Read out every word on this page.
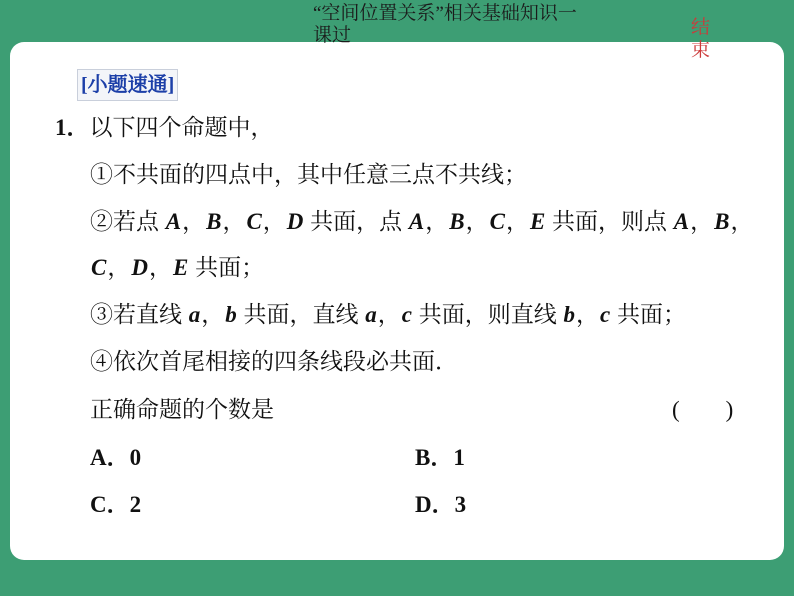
“空间位置关系”相关基础知识一
课过	结束
[小题速通]
1．以下四个命题中，
①不共面的四点中，其中任意三点不共线；
②若点 A，B，C，D 共面，点 A，B，C，E 共面，则点 A，B，
C，D，E 共面；
③若直线 a，b 共面，直线 a，c 共面，则直线 b，c 共面；
④依次首尾相接的四条线段必共面．
正确命题的个数是	(　　)
A．0	B．1
C．2	D．3
